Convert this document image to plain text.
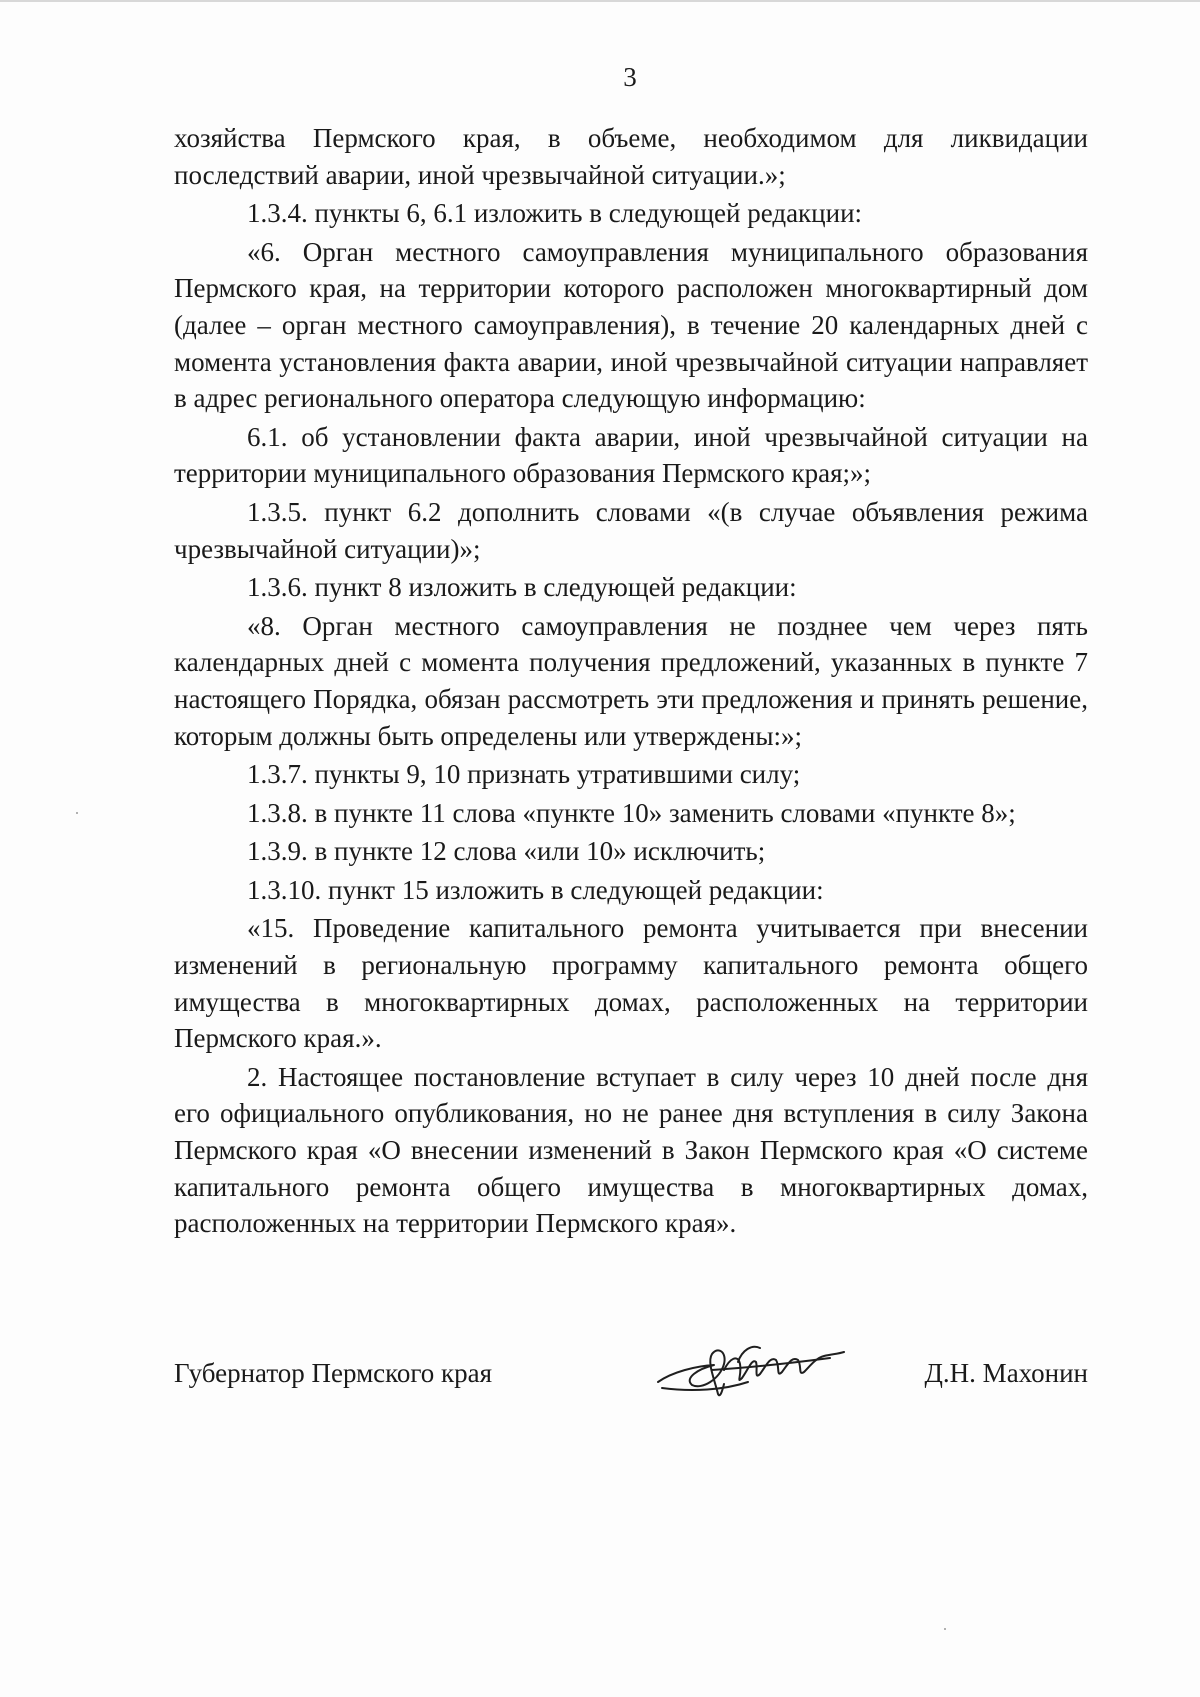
3

хозяйства Пермского края, в объеме, необходимом для ликвидации последствий аварии, иной чрезвычайной ситуации.»;

1.3.4. пункты 6, 6.1 изложить в следующей редакции:

«6. Орган местного самоуправления муниципального образования Пермского края, на территории которого расположен многоквартирный дом (далее – орган местного самоуправления), в течение 20 календарных дней с момента установления факта аварии, иной чрезвычайной ситуации направляет в адрес регионального оператора следующую информацию:

6.1. об установлении факта аварии, иной чрезвычайной ситуации на территории муниципального образования Пермского края;»;

1.3.5. пункт 6.2 дополнить словами «(в случае объявления режима чрезвычайной ситуации)»;

1.3.6. пункт 8 изложить в следующей редакции:

«8. Орган местного самоуправления не позднее чем через пять календарных дней с момента получения предложений, указанных в пункте 7 настоящего Порядка, обязан рассмотреть эти предложения и принять решение, которым должны быть определены или утверждены:»;

1.3.7. пункты 9, 10 признать утратившими силу;

1.3.8. в пункте 11 слова «пункте 10» заменить словами «пункте 8»;

1.3.9. в пункте 12 слова «или 10» исключить;

1.3.10. пункт 15 изложить в следующей редакции:

«15. Проведение капитального ремонта учитывается при внесении изменений в региональную программу капитального ремонта общего имущества в многоквартирных домах, расположенных на территории Пермского края.».

2. Настоящее постановление вступает в силу через 10 дней после дня его официального опубликования, но не ранее дня вступления в силу Закона Пермского края «О внесении изменений в Закон Пермского края «О системе капитального ремонта общего имущества в многоквартирных домах, расположенных на территории Пермского края».

Губернатор Пермского края	Д.Н. Махонин
